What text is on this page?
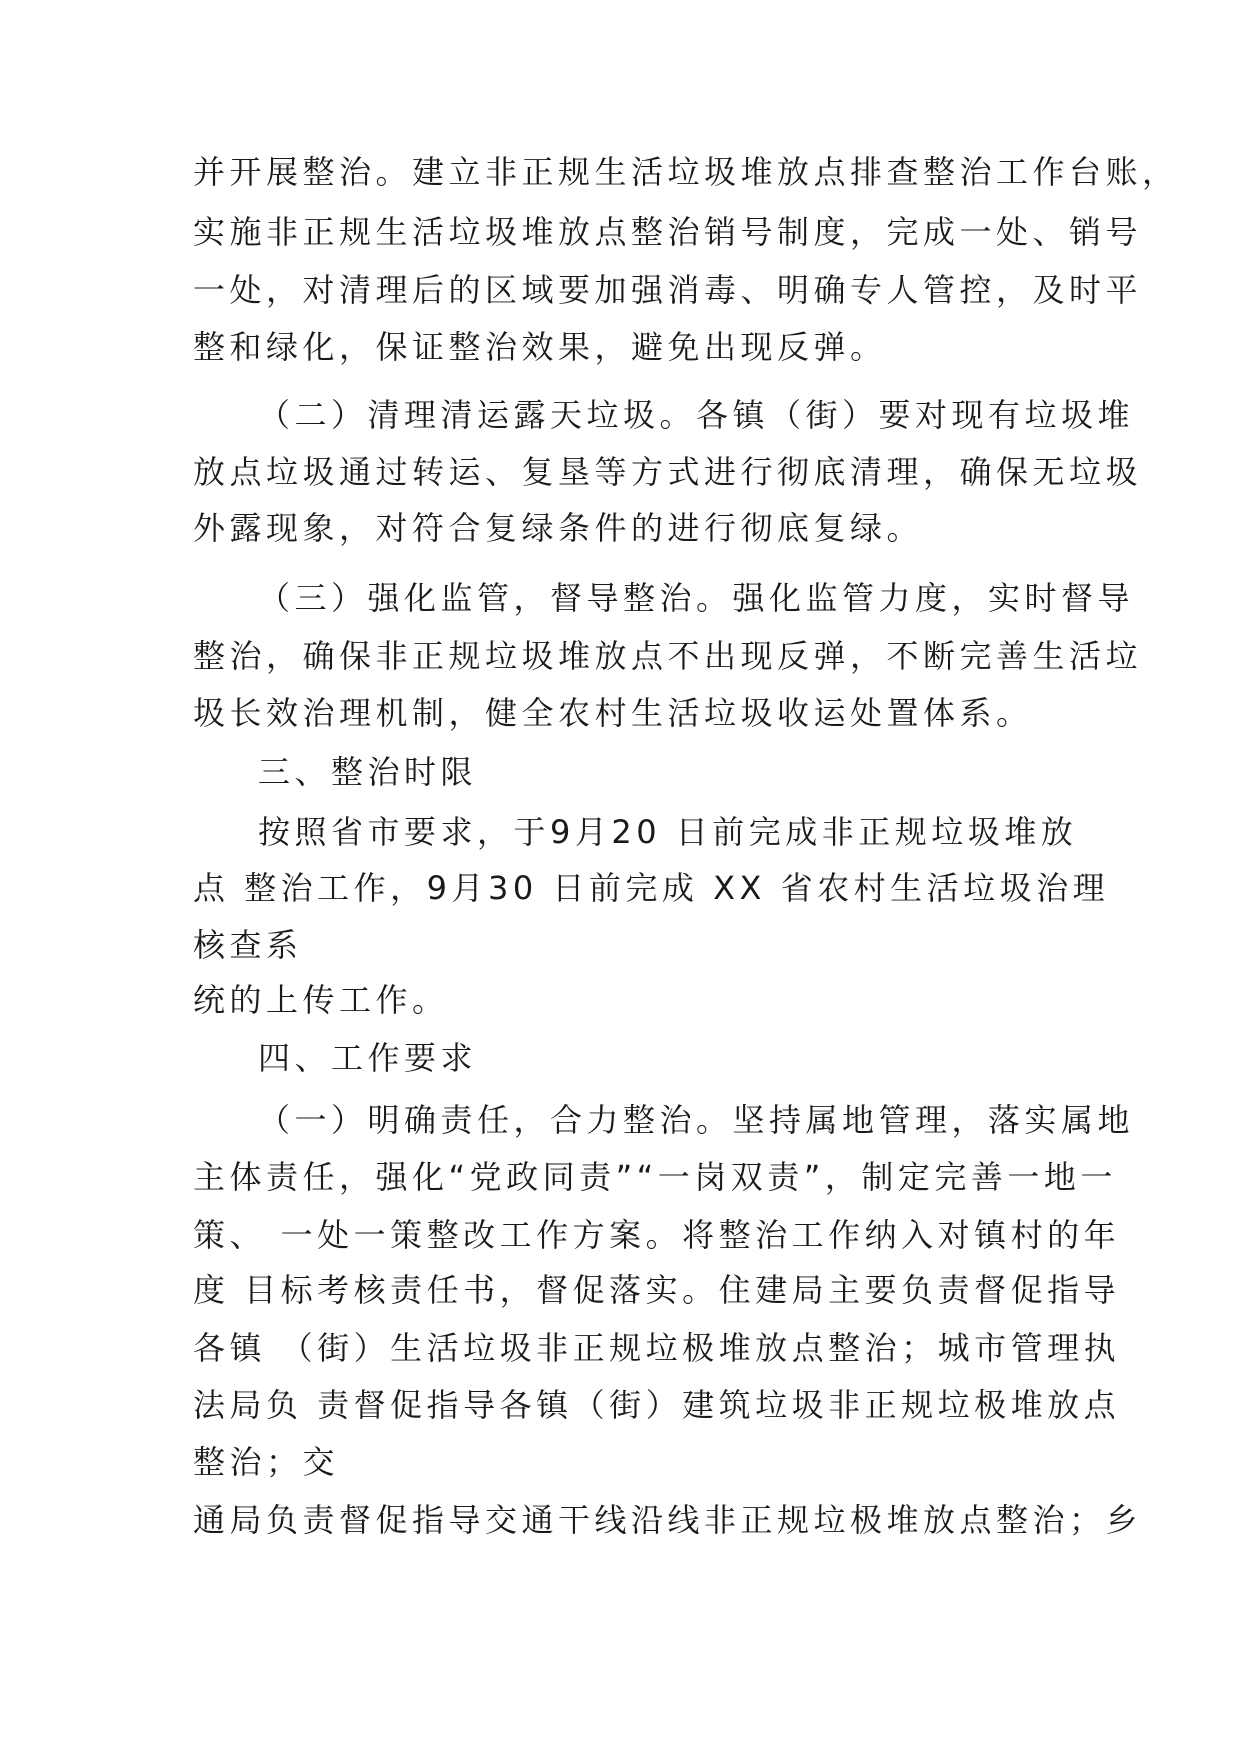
并开展整治。建立非正规生活垃圾堆放点排查整治工作台账，
实施非正规生活垃圾堆放点整治销号制度，完成一处、销号
一处，对清理后的区域要加强消毒、明确专人管控，及时平
整和绿化，保证整治效果，避免出现反弹。
（二）清理清运露天垃圾。各镇（街）要对现有垃圾堆
放点垃圾通过转运、复垦等方式进行彻底清理，确保无垃圾
外露现象，对符合复绿条件的进行彻底复绿。
（三）强化监管，督导整治。强化监管力度，实时督导
整治，确保非正规垃圾堆放点不出现反弹，不断完善生活垃
圾长效治理机制，健全农村生活垃圾收运处置体系。
三、整治时限
按照省市要求，于9月20 日前完成非正规垃圾堆放
点 整治工作，9月30 日前完成 XX 省农村生活垃圾治理
核查系
统的上传工作。
四、工作要求
（一）明确责任，合力整治。坚持属地管理，落实属地
主体责任，强化“党政同责”“一岗双责”，制定完善一地一
策、 一处一策整改工作方案。将整治工作纳入对镇村的年
度 目标考核责任书，督促落实。住建局主要负责督促指导
各镇 （街）生活垃圾非正规垃极堆放点整治；城市管理执
法局负 责督促指导各镇（街）建筑垃圾非正规垃极堆放点
整治；交
通局负责督促指导交通干线沿线非正规垃极堆放点整治；乡
